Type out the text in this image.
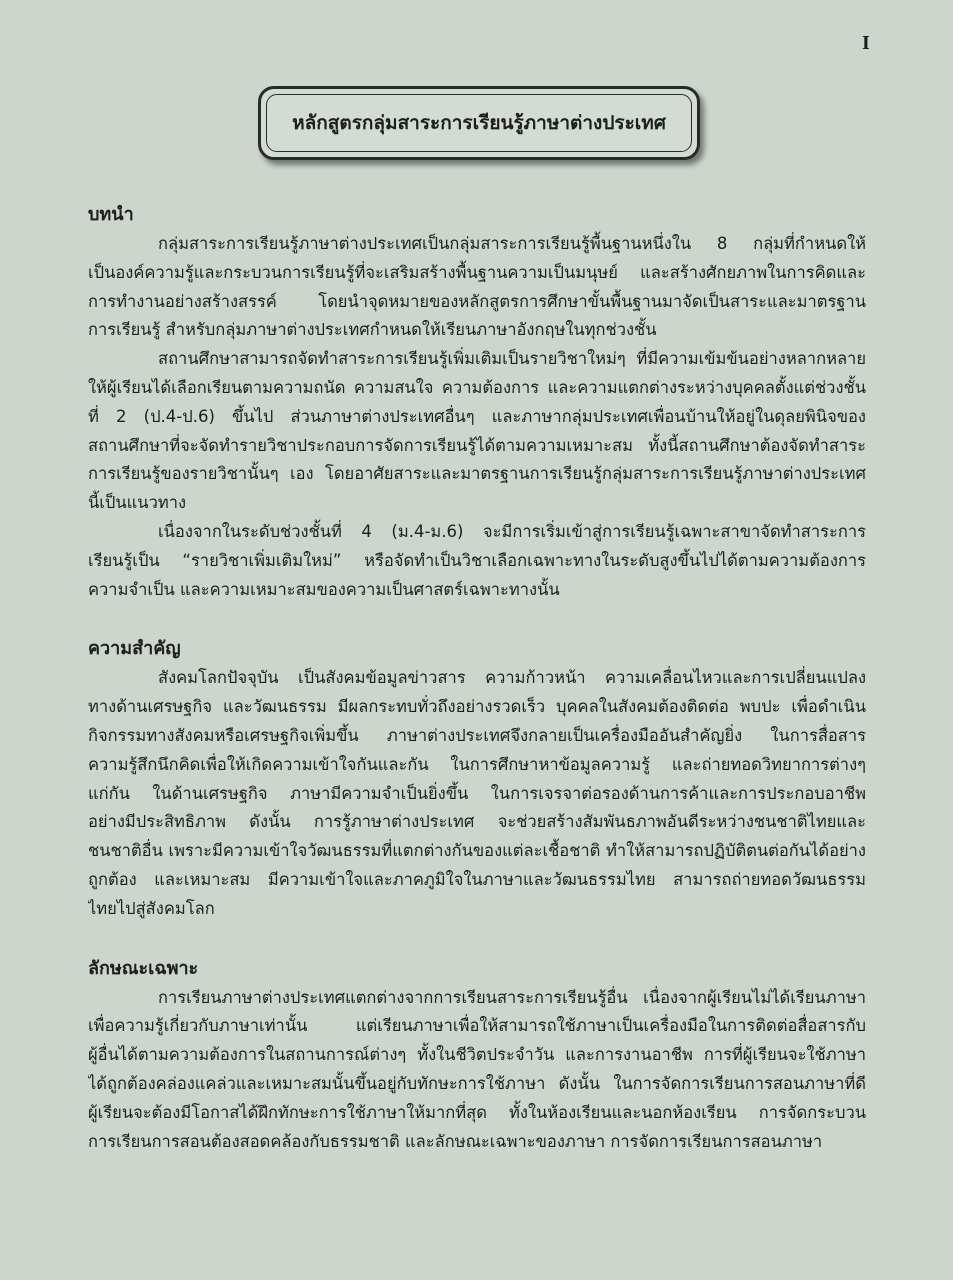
I
หลักสูตรกลุ่มสาระการเรียนรู้ภาษาต่างประเทศ
บทนำ
กลุ่มสาระการเรียนรู้ภาษาต่างประเทศเป็นกลุ่มสาระการเรียนรู้พื้นฐานหนึ่งใน 8 กลุ่มที่กำหนดให้
เป็นองค์ความรู้และกระบวนการเรียนรู้ที่จะเสริมสร้างพื้นฐานความเป็นมนุษย์ และสร้างศักยภาพในการคิดและ
การทำงานอย่างสร้างสรรค์ โดยนำจุดหมายของหลักสูตรการศึกษาขั้นพื้นฐานมาจัดเป็นสาระและมาตรฐาน
การเรียนรู้ สำหรับกลุ่มภาษาต่างประเทศกำหนดให้เรียนภาษาอังกฤษในทุกช่วงชั้น
สถานศึกษาสามารถจัดทำสาระการเรียนรู้เพิ่มเติมเป็นรายวิชาใหม่ๆ ที่มีความเข้มข้นอย่างหลากหลาย
ให้ผู้เรียนได้เลือกเรียนตามความถนัด ความสนใจ ความต้องการ และความแตกต่างระหว่างบุคคลตั้งแต่ช่วงชั้น
ที่ 2 (ป.4-ป.6) ขึ้นไป ส่วนภาษาต่างประเทศอื่นๆ และภาษากลุ่มประเทศเพื่อนบ้านให้อยู่ในดุลยพินิจของ
สถานศึกษาที่จะจัดทำรายวิชาประกอบการจัดการเรียนรู้ได้ตามความเหมาะสม ทั้งนี้สถานศึกษาต้องจัดทำสาระ
การเรียนรู้ของรายวิชานั้นๆ เอง โดยอาศัยสาระและมาตรฐานการเรียนรู้กลุ่มสาระการเรียนรู้ภาษาต่างประเทศ
นี้เป็นแนวทาง
เนื่องจากในระดับช่วงชั้นที่ 4 (ม.4-ม.6) จะมีการเริ่มเข้าสู่การเรียนรู้เฉพาะสาขาจัดทำสาระการ
เรียนรู้เป็น “รายวิชาเพิ่มเติมใหม่” หรือจัดทำเป็นวิชาเลือกเฉพาะทางในระดับสูงขึ้นไปได้ตามความต้องการ
ความจำเป็น และความเหมาะสมของความเป็นศาสตร์เฉพาะทางนั้น
ความสำคัญ
สังคมโลกปัจจุบัน เป็นสังคมข้อมูลข่าวสาร ความก้าวหน้า ความเคลื่อนไหวและการเปลี่ยนแปลง
ทางด้านเศรษฐกิจ และวัฒนธรรม มีผลกระทบทั่วถึงอย่างรวดเร็ว บุคคลในสังคมต้องติดต่อ พบปะ เพื่อดำเนิน
กิจกรรมทางสังคมหรือเศรษฐกิจเพิ่มขึ้น ภาษาต่างประเทศจึงกลายเป็นเครื่องมืออันสำคัญยิ่ง ในการสื่อสาร
ความรู้สึกนึกคิดเพื่อให้เกิดความเข้าใจกันและกัน ในการศึกษาหาข้อมูลความรู้ และถ่ายทอดวิทยาการต่างๆ
แก่กัน ในด้านเศรษฐกิจ ภาษามีความจำเป็นยิ่งขึ้น ในการเจรจาต่อรองด้านการค้าและการประกอบอาชีพ
อย่างมีประสิทธิภาพ ดังนั้น การรู้ภาษาต่างประเทศ จะช่วยสร้างสัมพันธภาพอันดีระหว่างชนชาติไทยและ
ชนชาติอื่น เพราะมีความเข้าใจวัฒนธรรมที่แตกต่างกันของแต่ละเชื้อชาติ ทำให้สามารถปฏิบัติตนต่อกันได้อย่าง
ถูกต้อง และเหมาะสม มีความเข้าใจและภาคภูมิใจในภาษาและวัฒนธรรมไทย สามารถถ่ายทอดวัฒนธรรม
ไทยไปสู่สังคมโลก
ลักษณะเฉพาะ
การเรียนภาษาต่างประเทศแตกต่างจากการเรียนสาระการเรียนรู้อื่น เนื่องจากผู้เรียนไม่ได้เรียนภาษา
เพื่อความรู้เกี่ยวกับภาษาเท่านั้น แต่เรียนภาษาเพื่อให้สามารถใช้ภาษาเป็นเครื่องมือในการติดต่อสื่อสารกับ
ผู้อื่นได้ตามความต้องการในสถานการณ์ต่างๆ ทั้งในชีวิตประจำวัน และการงานอาชีพ การที่ผู้เรียนจะใช้ภาษา
ได้ถูกต้องคล่องแคล่วและเหมาะสมนั้นขึ้นอยู่กับทักษะการใช้ภาษา ดังนั้น ในการจัดการเรียนการสอนภาษาที่ดี
ผู้เรียนจะต้องมีโอกาสได้ฝึกทักษะการใช้ภาษาให้มากที่สุด ทั้งในห้องเรียนและนอกห้องเรียน การจัดกระบวน
การเรียนการสอนต้องสอดคล้องกับธรรมชาติ และลักษณะเฉพาะของภาษา การจัดการเรียนการสอนภาษา
